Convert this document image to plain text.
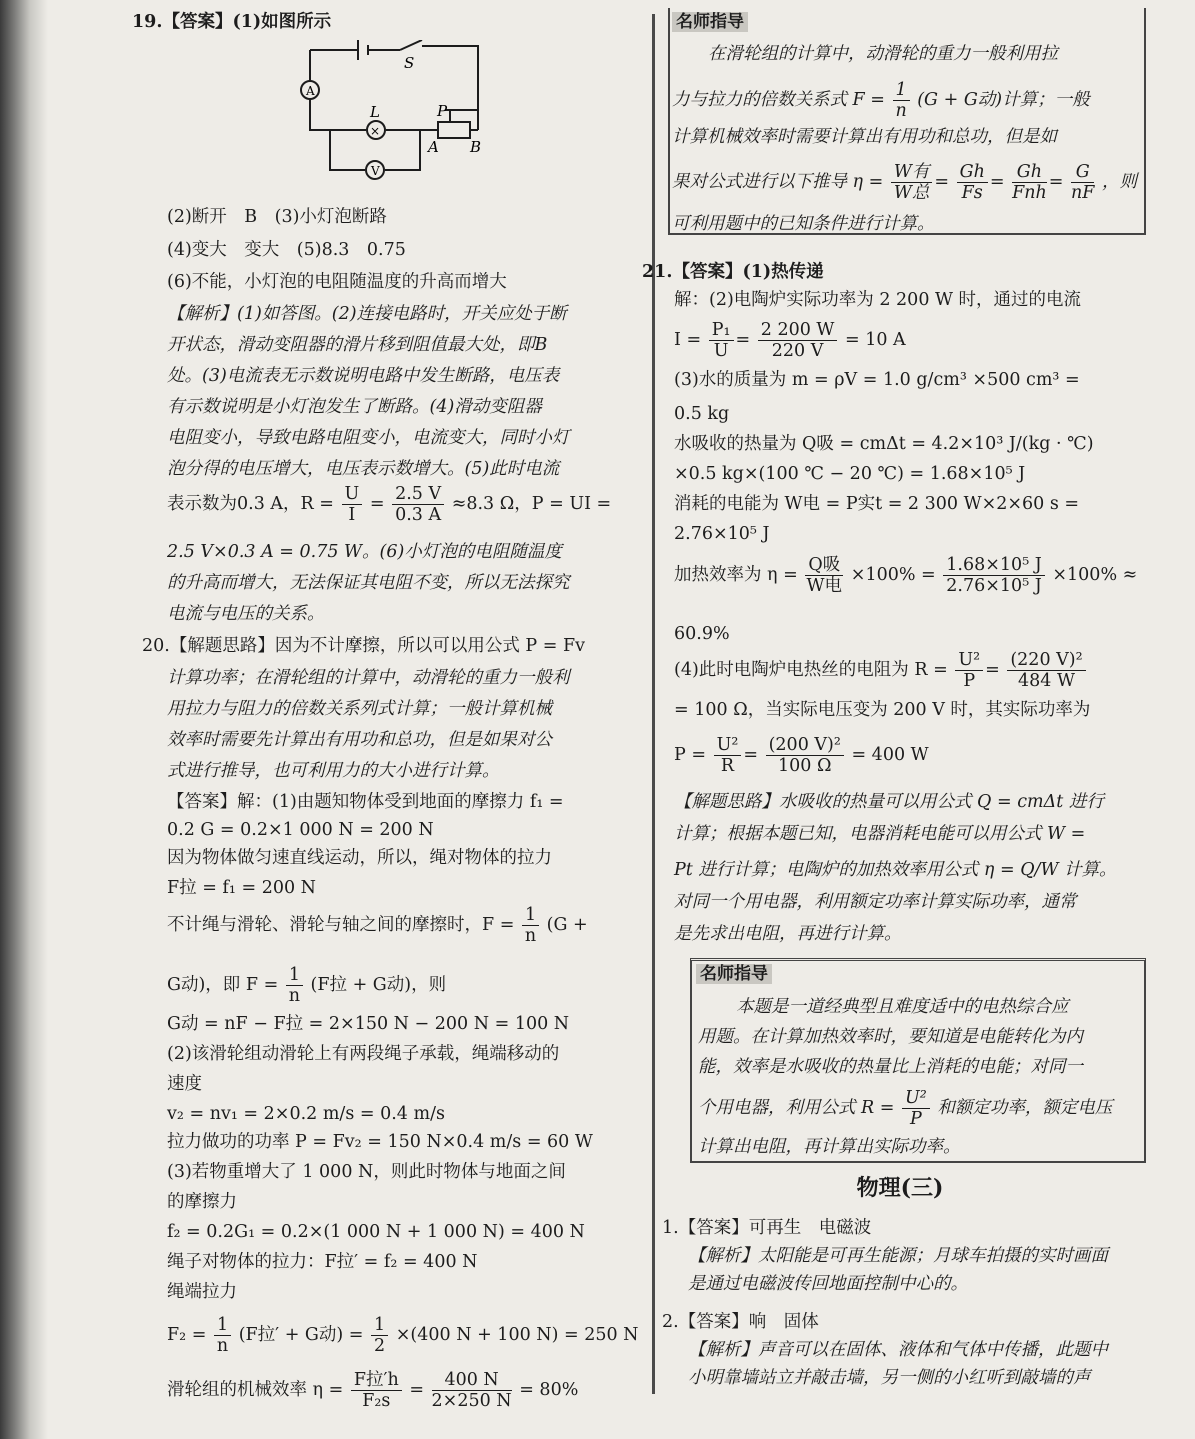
A
×
V
S
L	P
A B
19.【答案】(1)如图所示
(2)断开　B　(3)小灯泡断路
(4)变大　变大　(5)8.3　0.75
(6)不能，小灯泡的电阻随温度的升高而增大
【解析】(1)如答图。(2)连接电路时，开关应处于断
开状态，滑动变阻器的滑片移到阻值最大处，即B
处。(3)电流表无示数说明电路中发生断路，电压表
有示数说明是小灯泡发生了断路。(4)滑动变阻器
电阻变小，导致电路电阻变小，电流变大，同时小灯
泡分得的电压增大，电压表示数增大。(5)此时电流
表示数为0.3 A，$R = \frac{U}{I} = \frac{2.5 V}{0.3 A} \approx 8.3$ Ω，P = UI =
2.5 V×0.3 A = 0.75 W。(6)小灯泡的电阻随温度
的升高而增大，无法保证其电阻不变，所以无法探究
电流与电压的关系。
20.【解题思路】因为不计摩擦，所以可以用公式 P = Fv
计算功率；在滑轮组的计算中，动滑轮的重力一般利
用拉力与阻力的倍数关系列式计算；一般计算机械
效率时需要先计算出有用功和总功，但是如果对公
式进行推导，也可利用力的大小进行计算。
【答案】解：(1)由题知物体受到地面的摩擦力 f₁ =
0.2 G = 0.2×1 000 N = 200 N
因为物体做匀速直线运动，所以，绳对物体的拉力
F拉 = f₁ = 200 N
不计绳与滑轮、滑轮与轴之间的摩擦时，$F = \frac{1}{n} (G$ +
G动)，即 $F = \frac{1}{n} (F$拉 + G动)，则
G动 = nF − F拉 = 2×150 N − 200 N = 100 N
(2)该滑轮组动滑轮上有两段绳子承载，绳端移动的
速度
v₂ = nv₁ = 2×0.2 m/s = 0.4 m/s
拉力做功的功率 P = Fv₂ = 150 N×0.4 m/s = 60 W
(3)若物重增大了 1 000 N，则此时物体与地面之间
的摩擦力
f₂ = 0.2G₁ = 0.2×(1 000 N + 1 000 N) = 400 N
绳子对物体的拉力：F拉′ = f₂ = 400 N
绳端拉力
$F_2 = \frac{1}{n} (F$拉′ + G动) = $\frac{1}{2} \times(400$ N + 100 N) = 250 N
滑轮组的机械效率 $\eta = \frac{\text{F拉′h}}{\text{F₂s}} = \frac{400 N}{2\times 250 N} = 80\%$
名师指导
在滑轮组的计算中，动滑轮的重力一般利用拉
力与拉力的倍数关系式 $F = \frac{1}{n} (G + G$动)计算；一般
计算机械效率时需要计算出有用功和总功，但是如
果对公式进行以下推导 $\eta = \frac{\text{W有}}{\text{W总}} = \frac{Gh}{Fs} = \frac{Gh}{\text{Fnh}} = \frac{G}{nF}$ ，则
可利用题中的已知条件进行计算。
21.【答案】(1)热传递
解：(2)电陶炉实际功率为 2 200 W 时，通过的电流
$I = \frac{\text{P₁}}{U} = \frac{2 200 W}{220 V} = 10$ A
(3)水的质量为 m = ρV = 1.0 g/cm³ ×500 cm³ =
0.5 kg
水吸收的热量为 Q吸 = cmΔt = 4.2×10³ J/(kg · ℃)
×0.5 kg×(100 ℃ − 20 ℃) = 1.68×10⁵ J
消耗的电能为 W电 = P实t = 2 300 W×2×60 s =
2.76×10⁵ J
加热效率为 $\eta = \frac{\text{Q吸}}{\text{W电}} \times 100\% = \frac{\text{1.68×10⁵ J}}{\text{2.76×10⁵ J}} \times 100\%$ ≈
60.9%
(4)此时电陶炉电热丝的电阻为 $R = \frac{\text{U²}}{P} = \frac{\text{(220 V)²}}{484 W}$
= 100 Ω，当实际电压变为 200 V 时，其实际功率为
$P = \frac{\text{U²}}{R} = \frac{\text{(200 V)²}}{100 \Omega} = 400$ W
【解题思路】水吸收的热量可以用公式 Q = cmΔt 进行
计算；根据本题已知，电器消耗电能可以用公式 W =
Pt 进行计算；电陶炉的加热效率用公式 η = Q/W 计算。
对同一个用电器，利用额定功率计算实际功率，通常
是先求出电阻，再进行计算。
名师指导
本题是一道经典型且难度适中的电热综合应
用题。在计算加热效率时，要知道是电能转化为内
能，效率是水吸收的热量比上消耗的电能；对同一
个用电器，利用公式 $R = \frac{\text{U²}}{P}$ 和额定功率，额定电压
计算出电阻，再计算出实际功率。
物理(三)
1.【答案】可再生　电磁波
【解析】太阳能是可再生能源；月球车拍摄的实时画面
是通过电磁波传回地面控制中心的。
2.【答案】响　固体
【解析】声音可以在固体、液体和气体中传播，此题中
小明靠墙站立并敲击墙，另一侧的小红听到敲墙的声
